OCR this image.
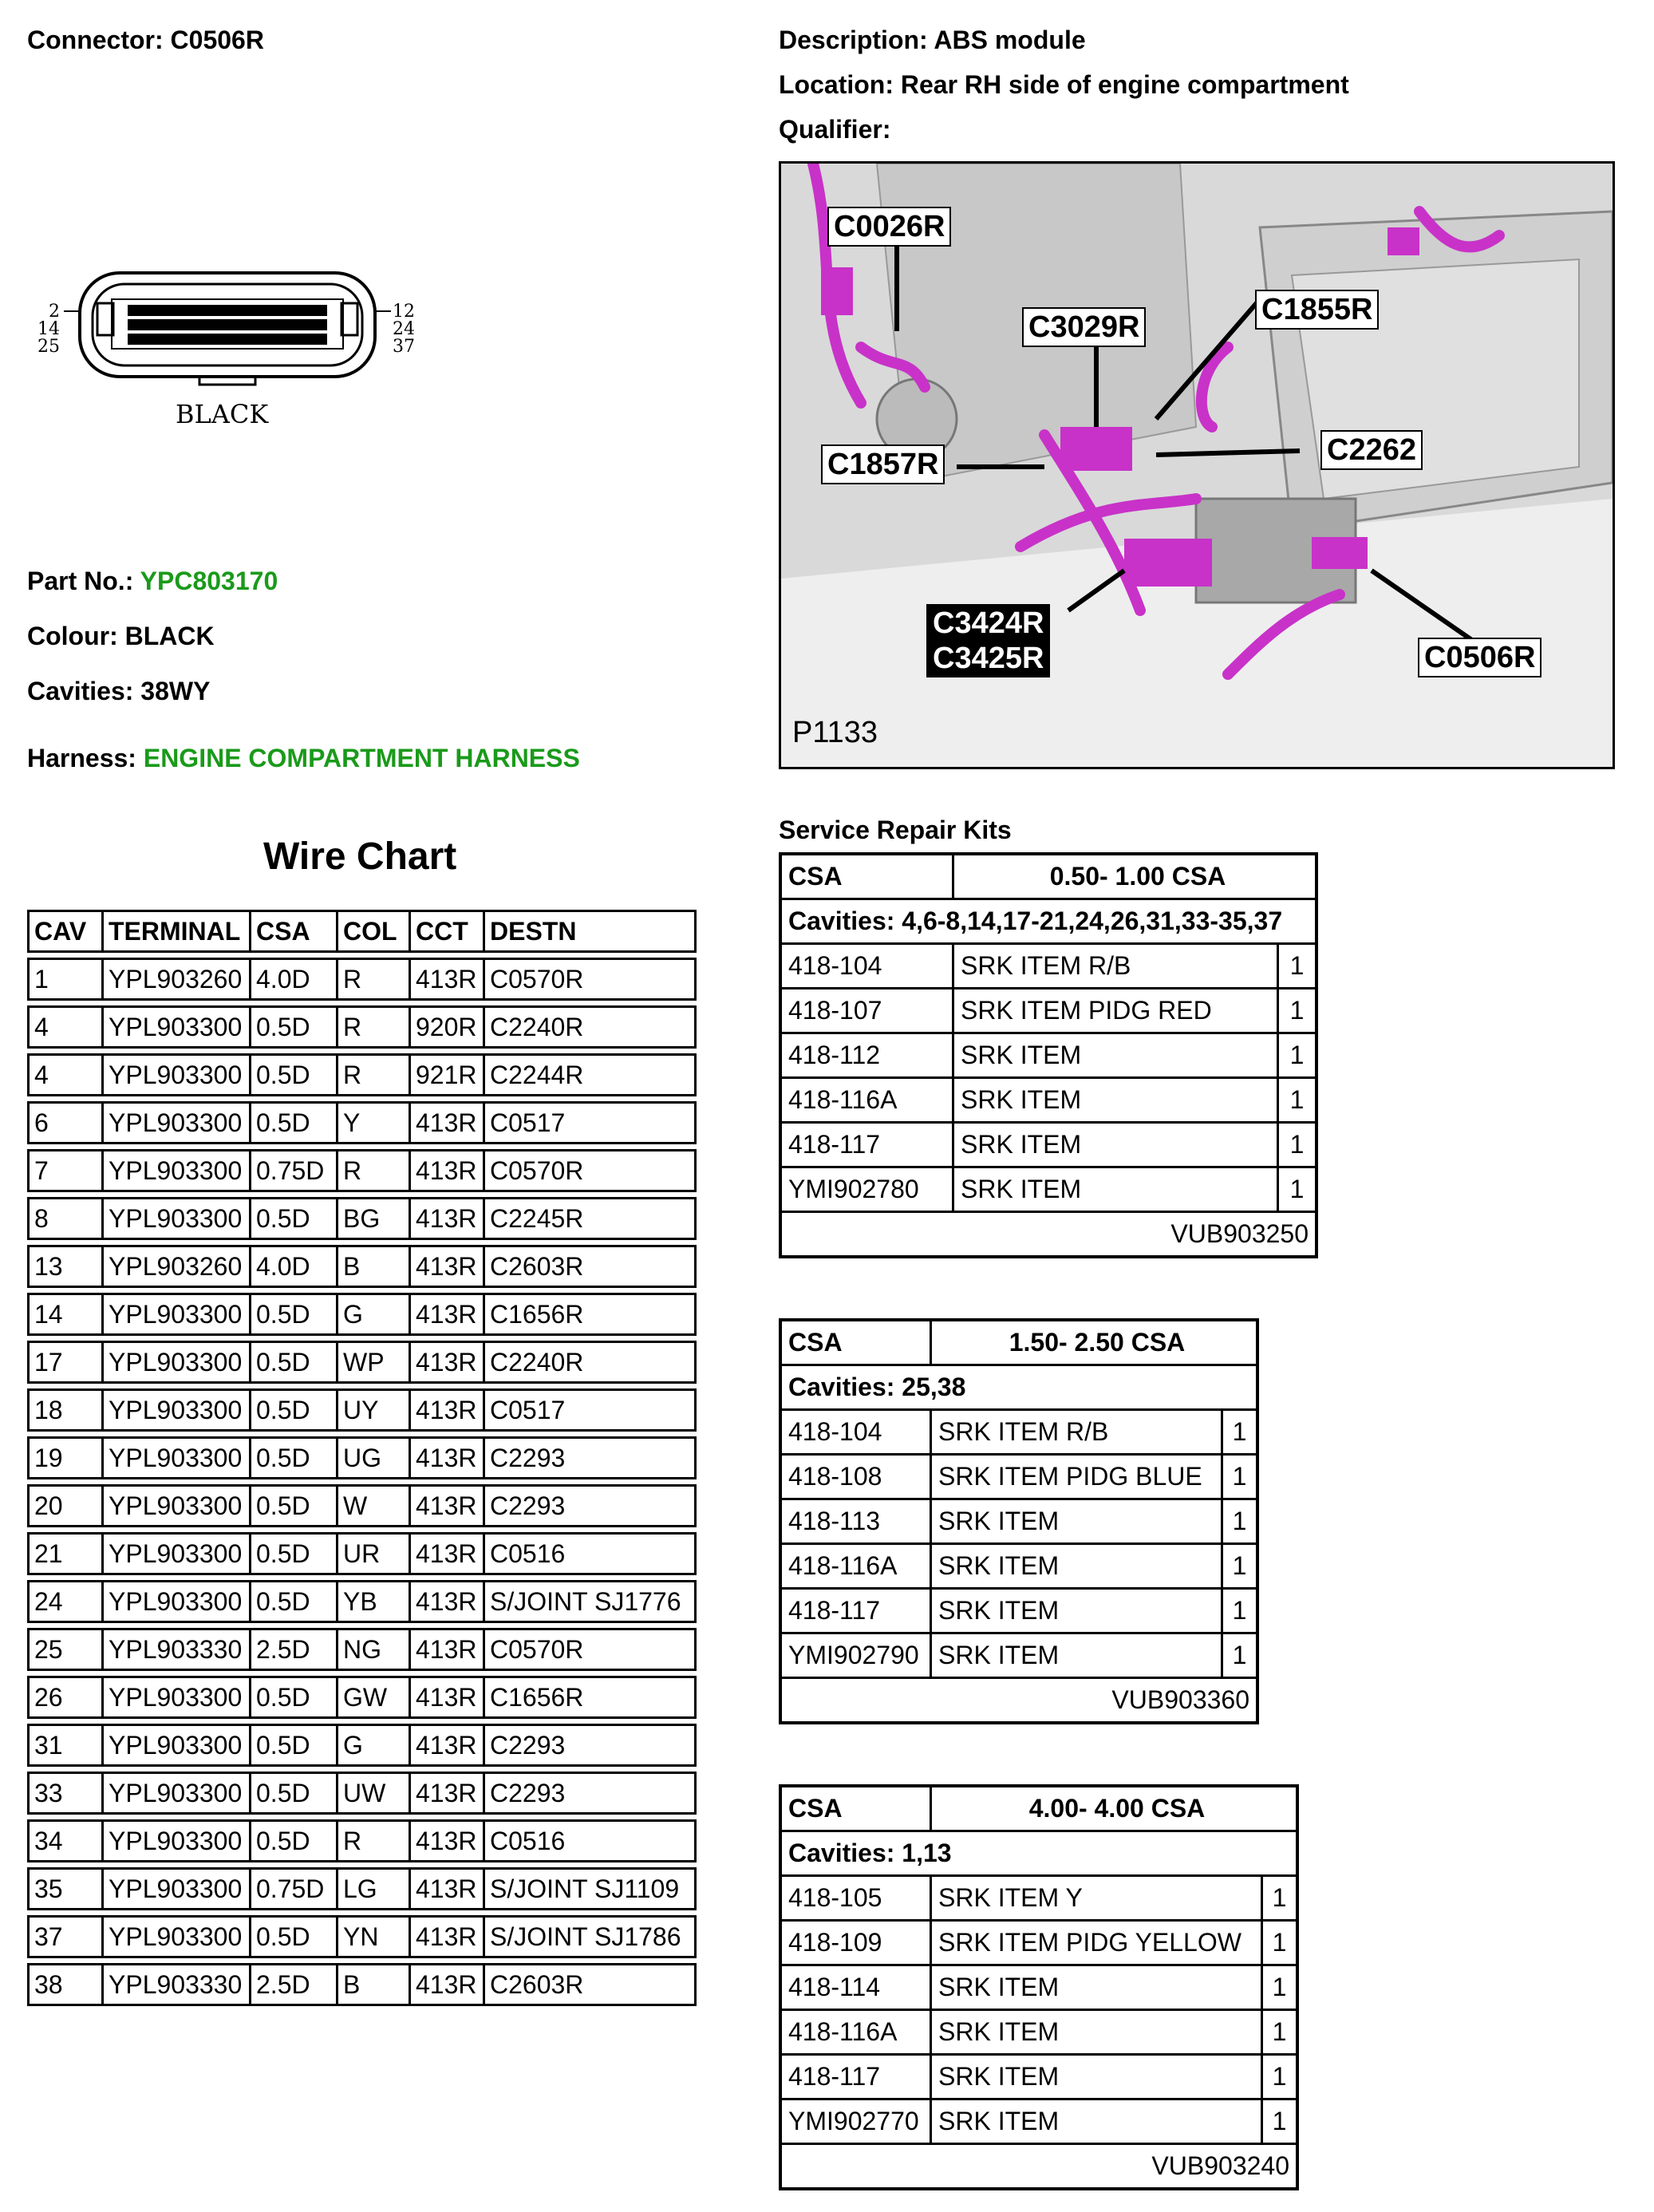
Connector: C0506R	Description: ABS module
Location: Rear RH side of engine compartment
Qualifier:
2
14
25
12
24
37
BLACK
Part No.: YPC803170
Colour: BLACK
Cavities: 38WY
Harness: ENGINE COMPARTMENT HARNESS
C0026R
C3029R
C1855R
C1857R	C2262
C3424R
C3425R	C0506R
P1133
Wire Chart
CAV	TERMINAL	CSA	COL	CCT	DESTN
1	YPL903260	4.0D	R	413R	C0570R
4	YPL903300	0.5D	R	920R	C2240R
4	YPL903300	0.5D	R	921R	C2244R
6	YPL903300	0.5D	Y	413R	C0517
7	YPL903300	0.75D	R	413R	C0570R
8	YPL903300	0.5D	BG	413R	C2245R
13	YPL903260	4.0D	B	413R	C2603R
14	YPL903300	0.5D	G	413R	C1656R
17	YPL903300	0.5D	WP	413R	C2240R
18	YPL903300	0.5D	UY	413R	C0517
19	YPL903300	0.5D	UG	413R	C2293
20	YPL903300	0.5D	W	413R	C2293
21	YPL903300	0.5D	UR	413R	C0516
24	YPL903300	0.5D	YB	413R	S/JOINT SJ1776
25	YPL903330	2.5D	NG	413R	C0570R
26	YPL903300	0.5D	GW	413R	C1656R
31	YPL903300	0.5D	G	413R	C2293
33	YPL903300	0.5D	UW	413R	C2293
34	YPL903300	0.5D	R	413R	C0516
35	YPL903300	0.75D	LG	413R	S/JOINT SJ1109
37	YPL903300	0.5D	YN	413R	S/JOINT SJ1786
38	YPL903330	2.5D	B	413R	C2603R
Service Repair Kits
CSA	0.50- 1.00 CSA
Cavities: 4,6-8,14,17-21,24,26,31,33-35,37
418-104	SRK ITEM R/B	1
418-107	SRK ITEM PIDG RED	1
418-112	SRK ITEM	1
418-116A	SRK ITEM	1
418-117	SRK ITEM	1
YMI902780	SRK ITEM	1
VUB903250
CSA	1.50- 2.50 CSA
Cavities: 25,38
418-104	SRK ITEM R/B	1
418-108	SRK ITEM PIDG BLUE	1
418-113	SRK ITEM	1
418-116A	SRK ITEM	1
418-117	SRK ITEM	1
YMI902790 SRK ITEM	1
VUB903360
CSA	4.00- 4.00 CSA
Cavities: 1,13
418-105	SRK ITEM Y	1
418-109	SRK ITEM PIDG YELLOW	1
418-114	SRK ITEM	1
418-116A	SRK ITEM	1
418-117	SRK ITEM	1
YMI902770 SRK ITEM	1
VUB903240
